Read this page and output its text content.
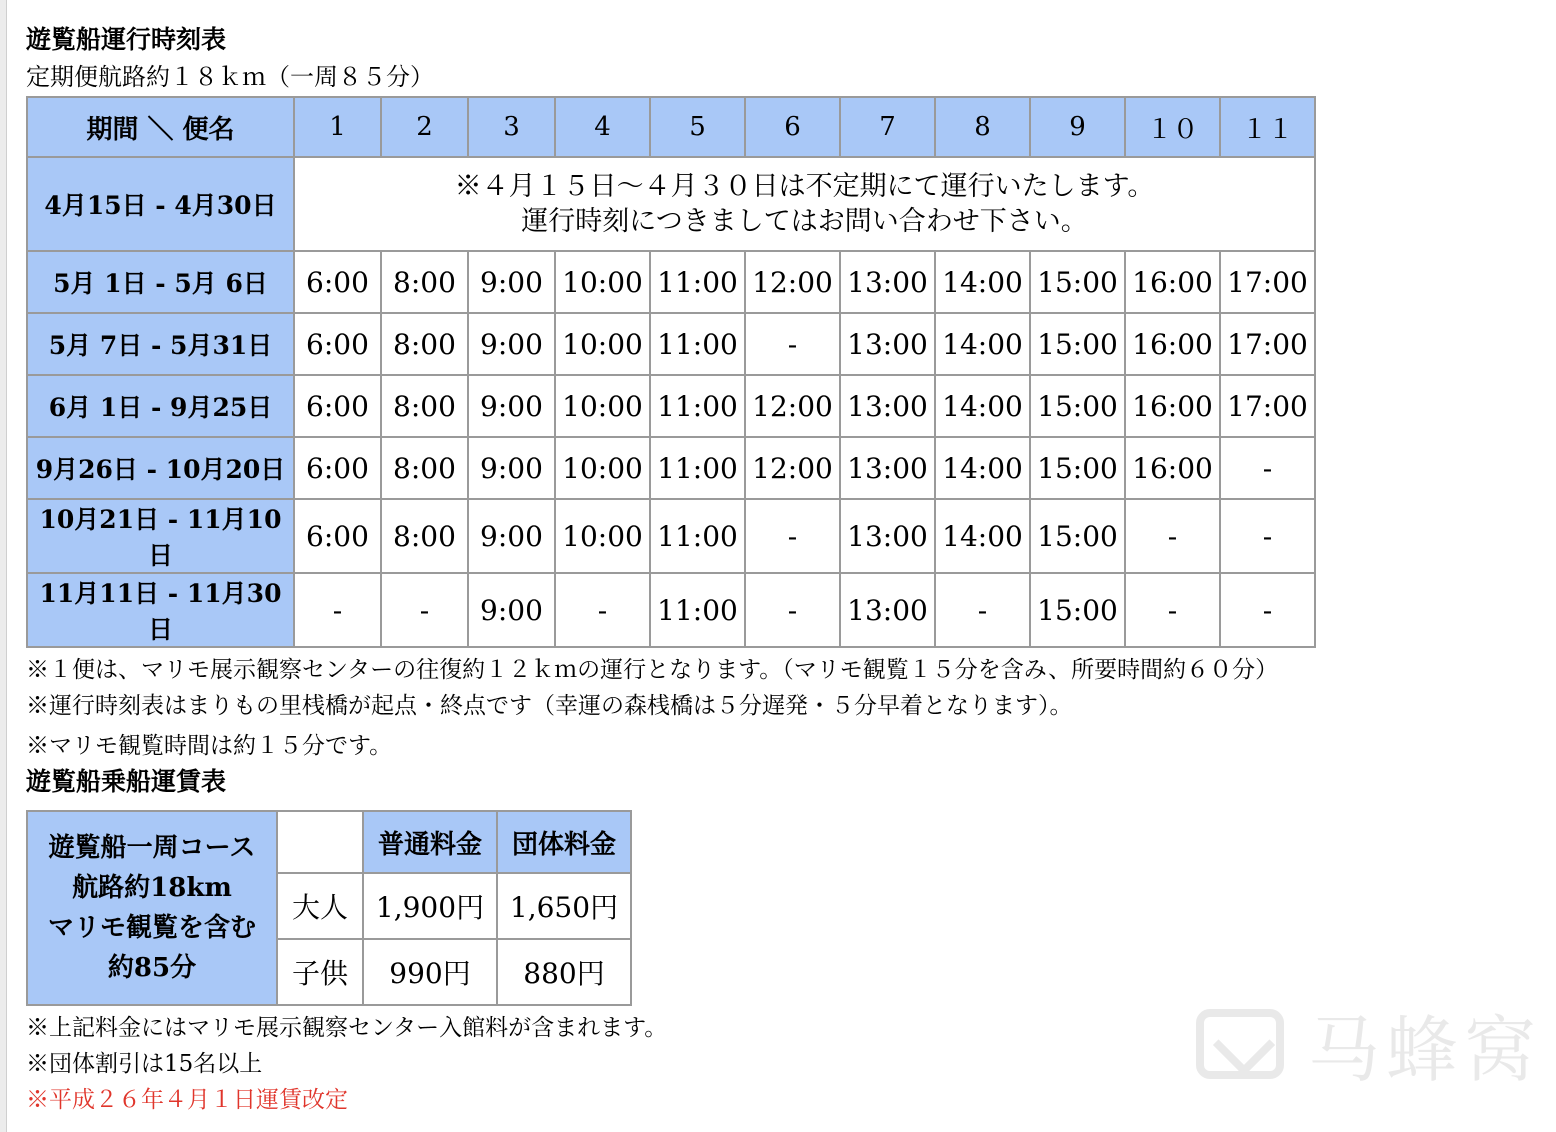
遊覧船運行時刻表

定期便航路約１８ｋｍ（一周８５分）

期間 ＼ 便名	1	2	3	4	5	6	7	8	9	１０	１１
4月15日 - 4月30日	※４月１５日～４月３０日は不定期にて運行いたします。
運行時刻につきましてはお問い合わせ下さい。										

5月 1日 - 5月 6日	6:00	8:00	9:00	10:00	11:00	12:00	13:00	14:00	15:00	16:00	17:00
5月 7日 - 5月31日	6:00	8:00	9:00	10:00	11:00	-	13:00	14:00	15:00	16:00	17:00
6月 1日 - 9月25日	6:00	8:00	9:00	10:00	11:00	12:00	13:00	14:00	15:00	16:00	17:00
9月26日 - 10月20日	6:00	8:00	9:00	10:00	11:00	12:00	13:00	14:00	15:00	16:00	-
10月21日 - 11月10日	6:00	8:00	9:00	10:00	11:00	-	13:00	14:00	15:00	-	-
11月11日 - 11月30日	-	-	9:00	-	11:00	-	13:00	-	15:00	-	-

※１便は、マリモ展示観察センターの往復約１２ｋｍの運行となります。（マリモ観覧１５分を含み、所要時間約６０分）

※運行時刻表はまりもの里桟橋が起点・終点です（幸運の森桟橋は５分遅発・５分早着となります）。

※マリモ観覧時間は約１５分です。

遊覧船乗船運賃表
遊覧船一周コース
航路約18km
マリモ観覧を含む
約85分		普通料金	団体料金
	大人	1,900円	1,650円
	子供	990円	880円

※上記料金にはマリモ展示観察センター入館料が含まれます。

※団体割引は15名以上

※平成２６年４月１日運賃改定

马蜂窝
